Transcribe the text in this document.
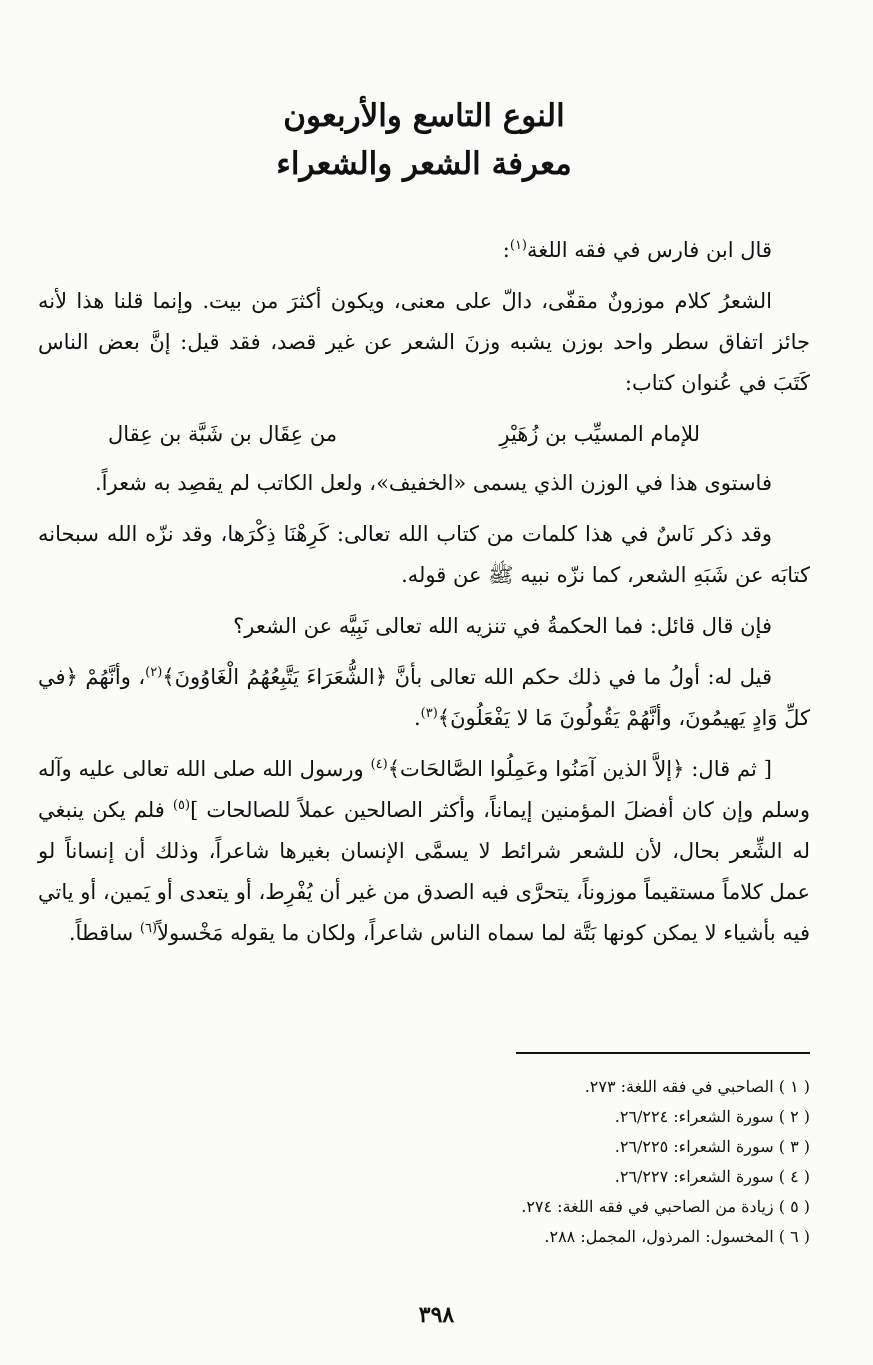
النوع التاسع والأربعون
معرفة الشعر والشعراء

قال ابن فارس في فقه اللغة$^{(١)}$:

الشعرُ كلام موزونٌ مقفّى، دالّ على معنى، ويكون أكثرَ من بيت. وإنما قلنا هذا لأنه جائز اتفاق سطر واحد بوزن يشبه وزنَ الشعر عن غير قصد، فقد قيل: إنَّ بعض الناس كَتَبَ في عُنوان كتاب:

للإمام المسيِّب بن زُهَيْرِ
من عِقَال بن شَبَّة بن عِقال

فاستوى هذا في الوزن الذي يسمى «الخفيف»، ولعل الكاتب لم يقصِد به شعراً.

وقد ذكر نَاسٌ في هذا كلمات من كتاب الله تعالى: كَرِهْنَا ذِكْرَها، وقد نزّه الله سبحانه كتابَه عن شَبَهِ الشعر، كما نزّه نبيه ﷺ عن قوله.

فإن قال قائل: فما الحكمةُ في تنزيه الله تعالى نَبِيَّه عن الشعر؟

قيل له: أولُ ما في ذلك حكم الله تعالى بأنَّ ﴿الشُّعَرَاءَ يَتَّبِعُهُمُ الْغَاوُونَ﴾$^{(٢)}$، وأنَّهُمْ ﴿في كلِّ وَادٍ يَهيمُونَ، وأنَّهُمْ يَقُولُونَ مَا لا يَفْعَلُونَ﴾$^{(٣)}$.

[ ثم قال: ﴿إلاَّ الذين آمَنُوا وعَمِلُوا الصَّالحَات﴾$^{(٤)}$ ورسول الله صلى الله تعالى عليه وآله وسلم وإن كان أفضلَ المؤمنين إيماناً، وأكثر الصالحين عملاً للصالحات ]$^{(٥)}$ فلم يكن ينبغي له الشِّعر بحال، لأن للشعر شرائط لا يسمَّى الإنسان بغيرها شاعراً، وذلك أن إنساناً لو عمل كلاماً مستقيماً موزوناً، يتحرَّى فيه الصدق من غير أن يُفْرِط، أو يتعدى أو يَمين، أو ياتي فيه بأشياء لا يمكن كونها بَتَّة لما سماه الناس شاعراً، ولكان ما يقوله مَخْسولاً$^{(٦)}$ ساقطاً.

( ١ ) الصاحبي في فقه اللغة: ٢٧٣.

( ٢ ) سورة الشعراء: ٢٦/٢٢٤.

( ٣ ) سورة الشعراء: ٢٦/٢٢٥.

( ٤ ) سورة الشعراء: ٢٦/٢٢٧.

( ٥ ) زيادة من الصاحبي في فقه اللغة: ٢٧٤.

( ٦ ) المخسول: المرذول، المجمل: ٢٨٨.

٣٩٨
